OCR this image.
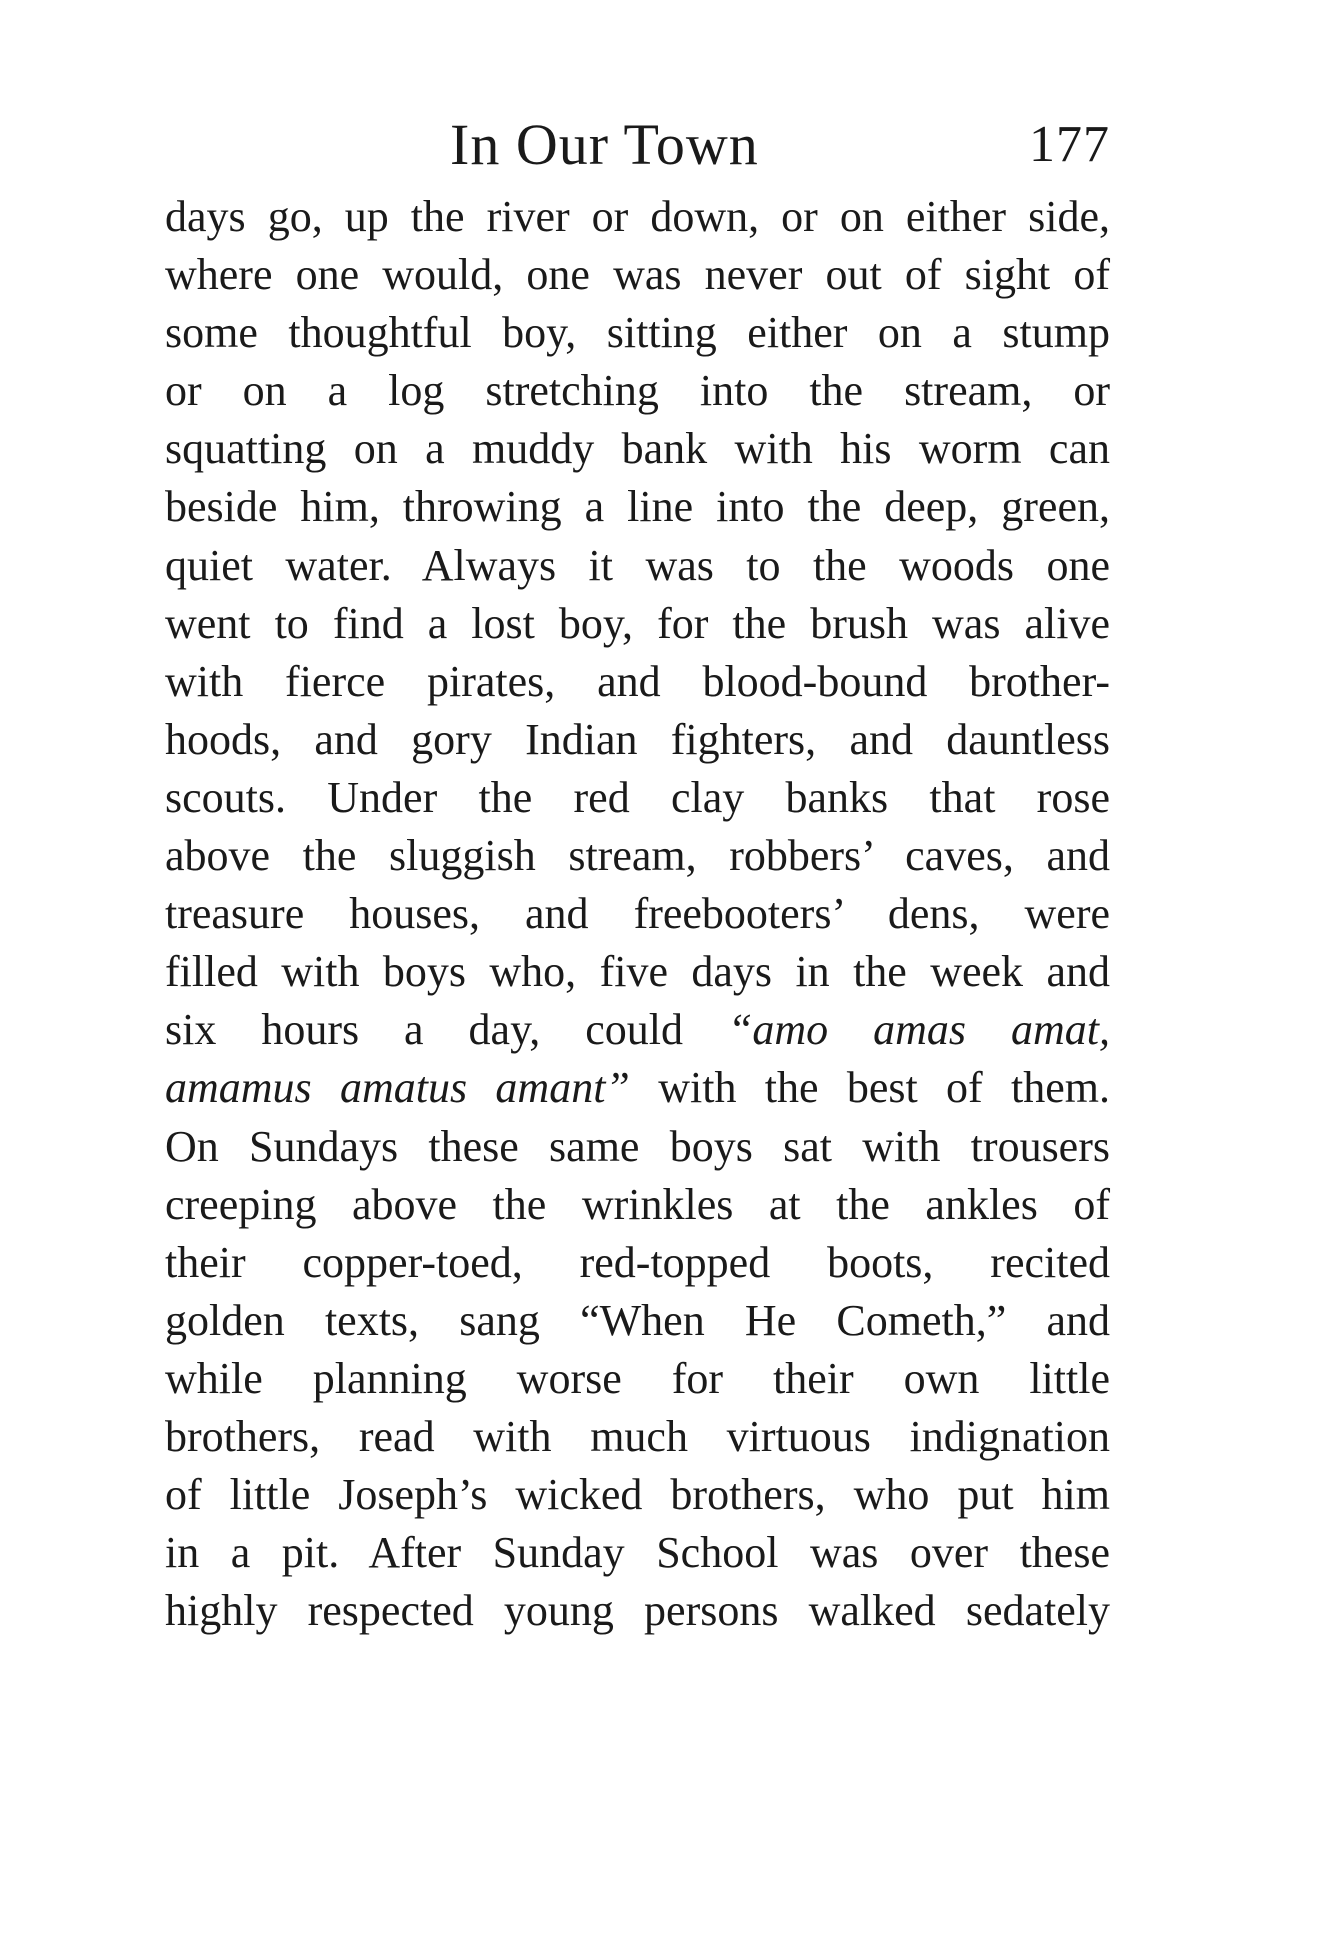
In Our Town	177
days go, up the river or down, or on either side,
where one would, one was never out of sight of
some thoughtful boy, sitting either on a stump
or on a log stretching into the stream, or
squatting on a muddy bank with his worm can
beside him, throwing a line into the deep, green,
quiet water. Always it was to the woods one
went to find a lost boy, for the brush was alive
with fierce pirates, and blood-bound brother-
hoods, and gory Indian fighters, and dauntless
scouts. Under the red clay banks that rose
above the sluggish stream, robbers’ caves, and
treasure houses, and freebooters’ dens, were
filled with boys who, five days in the week and
six hours a day, could “amo amas amat,
amamus amatus amant” with the best of them.
On Sundays these same boys sat with trousers
creeping above the wrinkles at the ankles of
their copper-toed, red-topped boots, recited
golden texts, sang “When He Cometh,” and
while planning worse for their own little
brothers, read with much virtuous indignation
of little Joseph’s wicked brothers, who put him
in a pit. After Sunday School was over these
highly respected young persons walked sedately
